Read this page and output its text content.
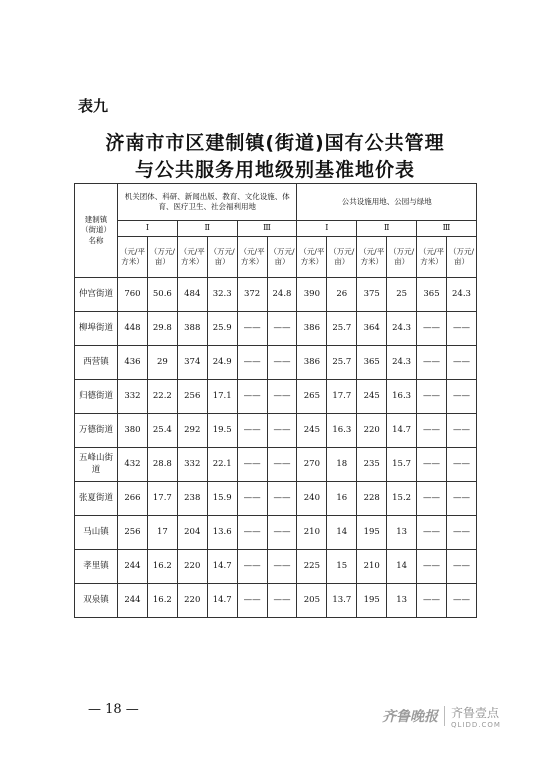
表九
济南市市区建制镇(街道)国有公共管理
与公共服务用地级别基准地价表
建制镇
（街道）
名称	机关团体、科研、新闻出版、教育、文化设施、体育、医疗卫生、社会福利用地						公共设施用地、公园与绿地					
	Ⅰ		Ⅱ		Ⅲ		Ⅰ		Ⅱ		Ⅲ	
	（元/平方米）	（万元/亩）	（元/平方米）	（万元/亩）	（元/平方米）	（万元/亩）	（元/平方米）	（万元/亩）	（元/平方米）	（万元/亩）	（元/平方米）	（万元/亩）
仲宫街道	760	50.6	484	32.3	372	24.8	390	26	375	25	365	24.3
柳埠街道	448	29.8	388	25.9	——	——	386	25.7	364	24.3	——	——
西营镇	436	29	374	24.9	——	——	386	25.7	365	24.3	——	——
归德街道	332	22.2	256	17.1	——	——	265	17.7	245	16.3	——	——
万德街道	380	25.4	292	19.5	——	——	245	16.3	220	14.7	——	——
五峰山街道	432	28.8	332	22.1	——	——	270	18	235	15.7	——	——
张夏街道	266	17.7	238	15.9	——	——	240	16	228	15.2	——	——
马山镇	256	17	204	13.6	——	——	210	14	195	13	——	——
孝里镇	244	16.2	220	14.7	——	——	225	15	210	14	——	——
双泉镇	244	16.2	220	14.7	——	——	205	13.7	195	13	——	——
— 18 —	齐鲁晚报	齐鲁壹点
QLIDD.COM
